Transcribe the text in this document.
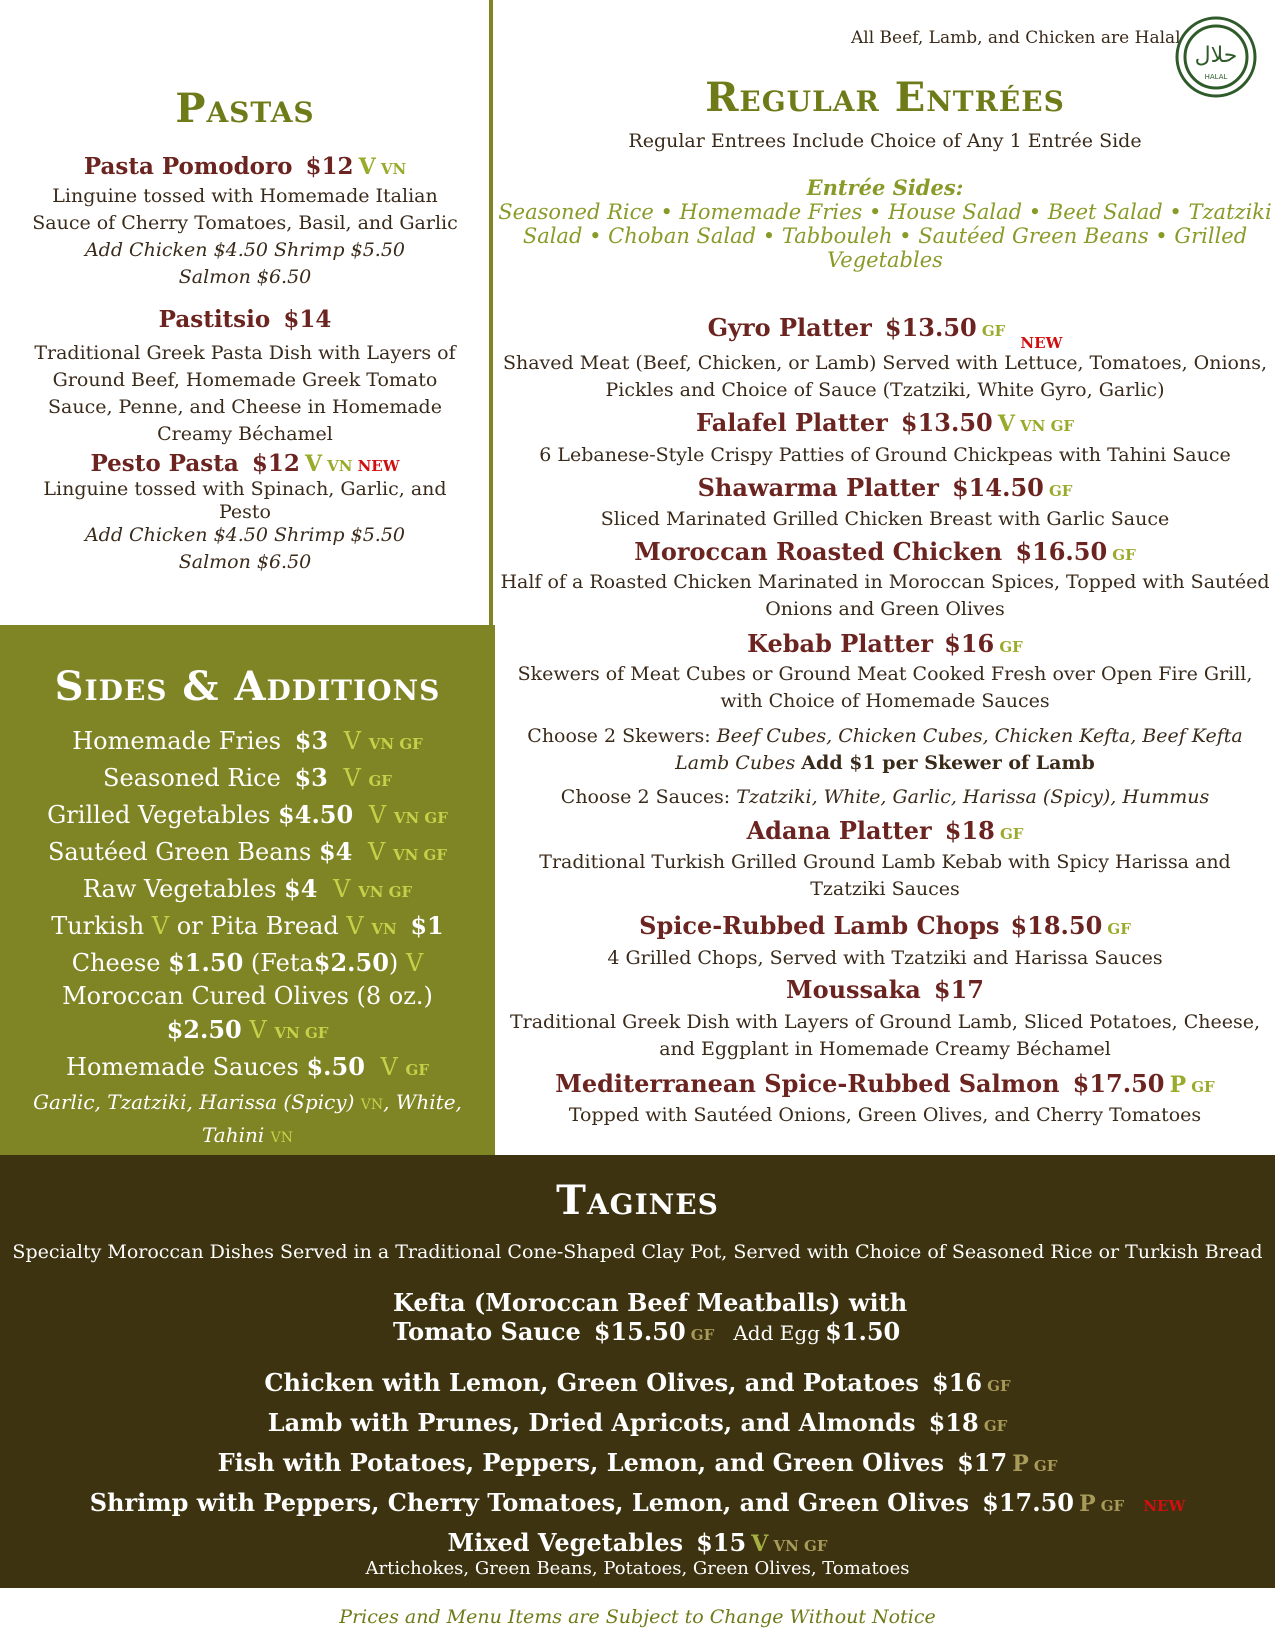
Pastas
Pasta Pomodoro $12 V VN
Linguine tossed with Homemade Italian
Sauce of Cherry Tomatoes, Basil, and Garlic
Add Chicken $4.50 Shrimp $5.50
Salmon $6.50
Pastitsio $14
Traditional Greek Pasta Dish with Layers of
Ground Beef, Homemade Greek Tomato
Sauce, Penne, and Cheese in Homemade
Creamy Béchamel
Pesto Pasta $12 V VN NEW
Linguine tossed with Spinach, Garlic, and
Pesto
Add Chicken $4.50 Shrimp $5.50
Salmon $6.50
Sides & Additions
Homemade Fries $3 V VN GF
Seasoned Rice $3 V GF
Grilled Vegetables $4.50 V VN GF
Sautéed Green Beans $4 V VN GF
Raw Vegetables $4 V VN GF
Turkish V or Pita Bread V VN $1
Cheese $1.50 (Feta$2.50) V
Moroccan Cured Olives (8 oz.)
$2.50 V VN GF
Homemade Sauces $.50 V GF
Garlic, Tzatziki, Harissa (Spicy) VN, White,
Tahini VN
All Beef, Lamb, and Chicken are Halal
حلال
HALAL
Regular Entrées
Regular Entrees Include Choice of Any 1 Entrée Side
Entrée Sides:
Seasoned Rice • Homemade Fries • House Salad • Beet Salad • Tzatziki
Salad • Choban Salad • Tabbouleh • Sautéed Green Beans • Grilled
Vegetables
Gyro Platter $13.50 GF NEW
Shaved Meat (Beef, Chicken, or Lamb) Served with Lettuce, Tomatoes, Onions,
Pickles and Choice of Sauce (Tzatziki, White Gyro, Garlic)
Falafel Platter $13.50 V VN GF
6 Lebanese-Style Crispy Patties of Ground Chickpeas with Tahini Sauce
Shawarma Platter $14.50 GF
Sliced Marinated Grilled Chicken Breast with Garlic Sauce
Moroccan Roasted Chicken $16.50 GF
Half of a Roasted Chicken Marinated in Moroccan Spices, Topped with Sautéed
Onions and Green Olives
Kebab Platter $16 GF
Skewers of Meat Cubes or Ground Meat Cooked Fresh over Open Fire Grill,
with Choice of Homemade Sauces
Choose 2 Skewers: Beef Cubes, Chicken Cubes, Chicken Kefta, Beef Kefta
Lamb Cubes Add $1 per Skewer of Lamb
Choose 2 Sauces: Tzatziki, White, Garlic, Harissa (Spicy), Hummus
Adana Platter $18 GF
Traditional Turkish Grilled Ground Lamb Kebab with Spicy Harissa and
Tzatziki Sauces
Spice-Rubbed Lamb Chops $18.50 GF
4 Grilled Chops, Served with Tzatziki and Harissa Sauces
Moussaka $17
Traditional Greek Dish with Layers of Ground Lamb, Sliced Potatoes, Cheese,
and Eggplant in Homemade Creamy Béchamel
Mediterranean Spice-Rubbed Salmon $17.50 P GF
Topped with Sautéed Onions, Green Olives, and Cherry Tomatoes
Tagines
Specialty Moroccan Dishes Served in a Traditional Cone-Shaped Clay Pot, Served with Choice of Seasoned Rice or Turkish Bread
Kefta (Moroccan Beef Meatballs) with
Tomato Sauce $15.50 GF Add Egg $1.50
Chicken with Lemon, Green Olives, and Potatoes $16 GF
Lamb with Prunes, Dried Apricots, and Almonds $18 GF
Fish with Potatoes, Peppers, Lemon, and Green Olives $17 P GF
Shrimp with Peppers, Cherry Tomatoes, Lemon, and Green Olives $17.50 P GF NEW
Mixed Vegetables $15 V VN GF
Artichokes, Green Beans, Potatoes, Green Olives, Tomatoes
Prices and Menu Items are Subject to Change Without Notice
